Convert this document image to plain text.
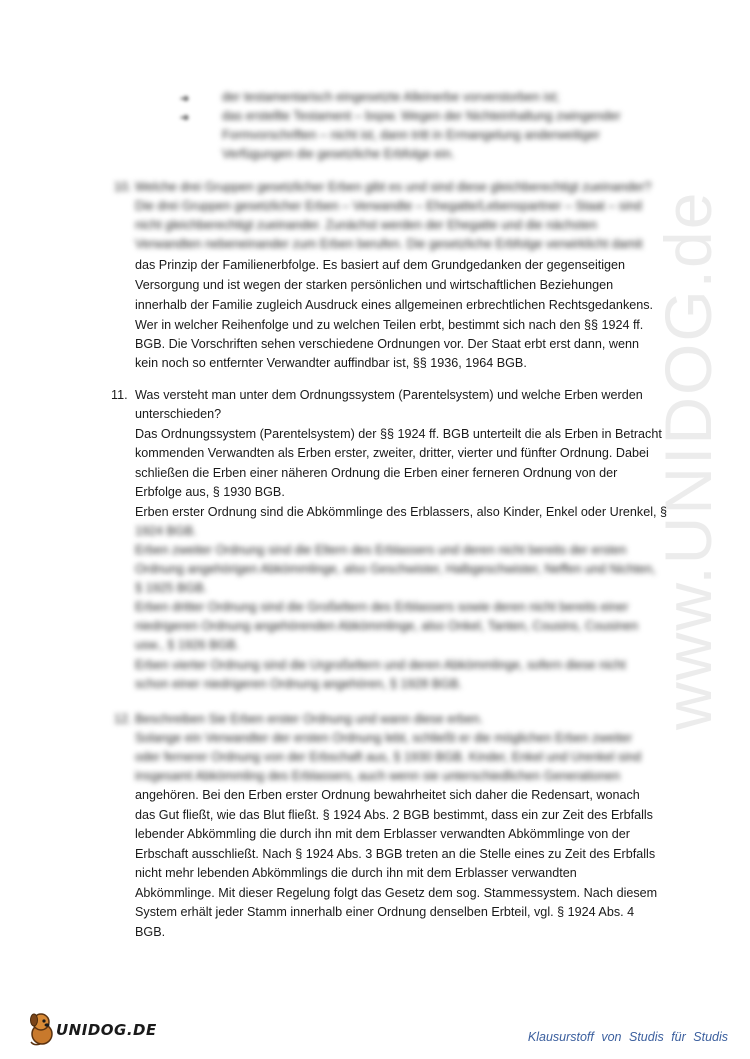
www.UNIDOG.de
➔	der testamentarisch eingesetzte Alleinerbe vorverstorben ist;
➔	das erstellte Testament – bspw. Wegen der Nichteinhaltung zwingender
Formvorschriften – nicht ist, dann tritt in Ermangelung anderweitiger
Verfügungen die gesetzliche Erbfolge ein.
10. Welche drei Gruppen gesetzlicher Erben gibt es und sind diese gleichberechtigt zueinander?
Die drei Gruppen gesetzlicher Erben – Verwandte – Ehegatte/Lebenspartner – Staat – sind
nicht gleichberechtigt zueinander. Zunächst werden der Ehegatte und die nächsten
Verwandten nebeneinander zum Erben berufen. Die gesetzliche Erbfolge verwirklicht damit
das Prinzip der Familienerbfolge. Es basiert auf dem Grundgedanken der gegenseitigen
Versorgung und ist wegen der starken persönlichen und wirtschaftlichen Beziehungen
innerhalb der Familie zugleich Ausdruck eines allgemeinen erbrechtlichen Rechtsgedankens.
Wer in welcher Reihenfolge und zu welchen Teilen erbt, bestimmt sich nach den §§ 1924 ff.
BGB. Die Vorschriften sehen verschiedene Ordnungen vor. Der Staat erbt erst dann, wenn
kein noch so entfernter Verwandter auffindbar ist, §§ 1936, 1964 BGB.
11. Was versteht man unter dem Ordnungssystem (Parentelsystem) und welche Erben werden
unterschieden?
Das Ordnungssystem (Parentelsystem) der §§ 1924 ff. BGB unterteilt die als Erben in Betracht
kommenden Verwandten als Erben erster, zweiter, dritter, vierter und fünfter Ordnung. Dabei
schließen die Erben einer näheren Ordnung die Erben einer ferneren Ordnung von der
Erbfolge aus, § 1930 BGB.
Erben erster Ordnung sind die Abkömmlinge des Erblassers, also Kinder, Enkel oder Urenkel, §
1924 BGB.
Erben zweiter Ordnung sind die Eltern des Erblassers und deren nicht bereits der ersten
Ordnung angehörigen Abkömmlinge, also Geschwister, Halbgeschwister, Neffen und Nichten,
§ 1925 BGB.
Erben dritter Ordnung sind die Großeltern des Erblassers sowie deren nicht bereits einer
niedrigeren Ordnung angehörenden Abkömmlinge, also Onkel, Tanten, Cousins, Cousinen
usw., § 1926 BGB.
Erben vierter Ordnung sind die Urgroßeltern und deren Abkömmlinge, sofern diese nicht
schon einer niedrigeren Ordnung angehören, § 1928 BGB.
12. Beschreiben Sie Erben erster Ordnung und wann diese erben.
Solange ein Verwandter der ersten Ordnung lebt, schließt er die möglichen Erben zweiter
oder fernerer Ordnung von der Erbschaft aus, § 1930 BGB. Kinder, Enkel und Urenkel sind
insgesamt Abkömmling des Erblassers, auch wenn sie unterschiedlichen Generationen
angehören. Bei den Erben erster Ordnung bewahrheitet sich daher die Redensart, wonach
das Gut fließt, wie das Blut fließt. § 1924 Abs. 2 BGB bestimmt, dass ein zur Zeit des Erbfalls
lebender Abkömmling die durch ihn mit dem Erblasser verwandten Abkömmlinge von der
Erbschaft ausschließt. Nach § 1924 Abs. 3 BGB treten an die Stelle eines zu Zeit des Erbfalls
nicht mehr lebenden Abkömmlings die durch ihn mit dem Erblasser verwandten
Abkömmlinge. Mit dieser Regelung folgt das Gesetz dem sog. Stammessystem. Nach diesem
System erhält jeder Stamm innerhalb einer Ordnung denselben Erbteil, vgl. § 1924 Abs. 4
BGB.
UNIDOG.DE	Klausurstoff von Studis für Studis
